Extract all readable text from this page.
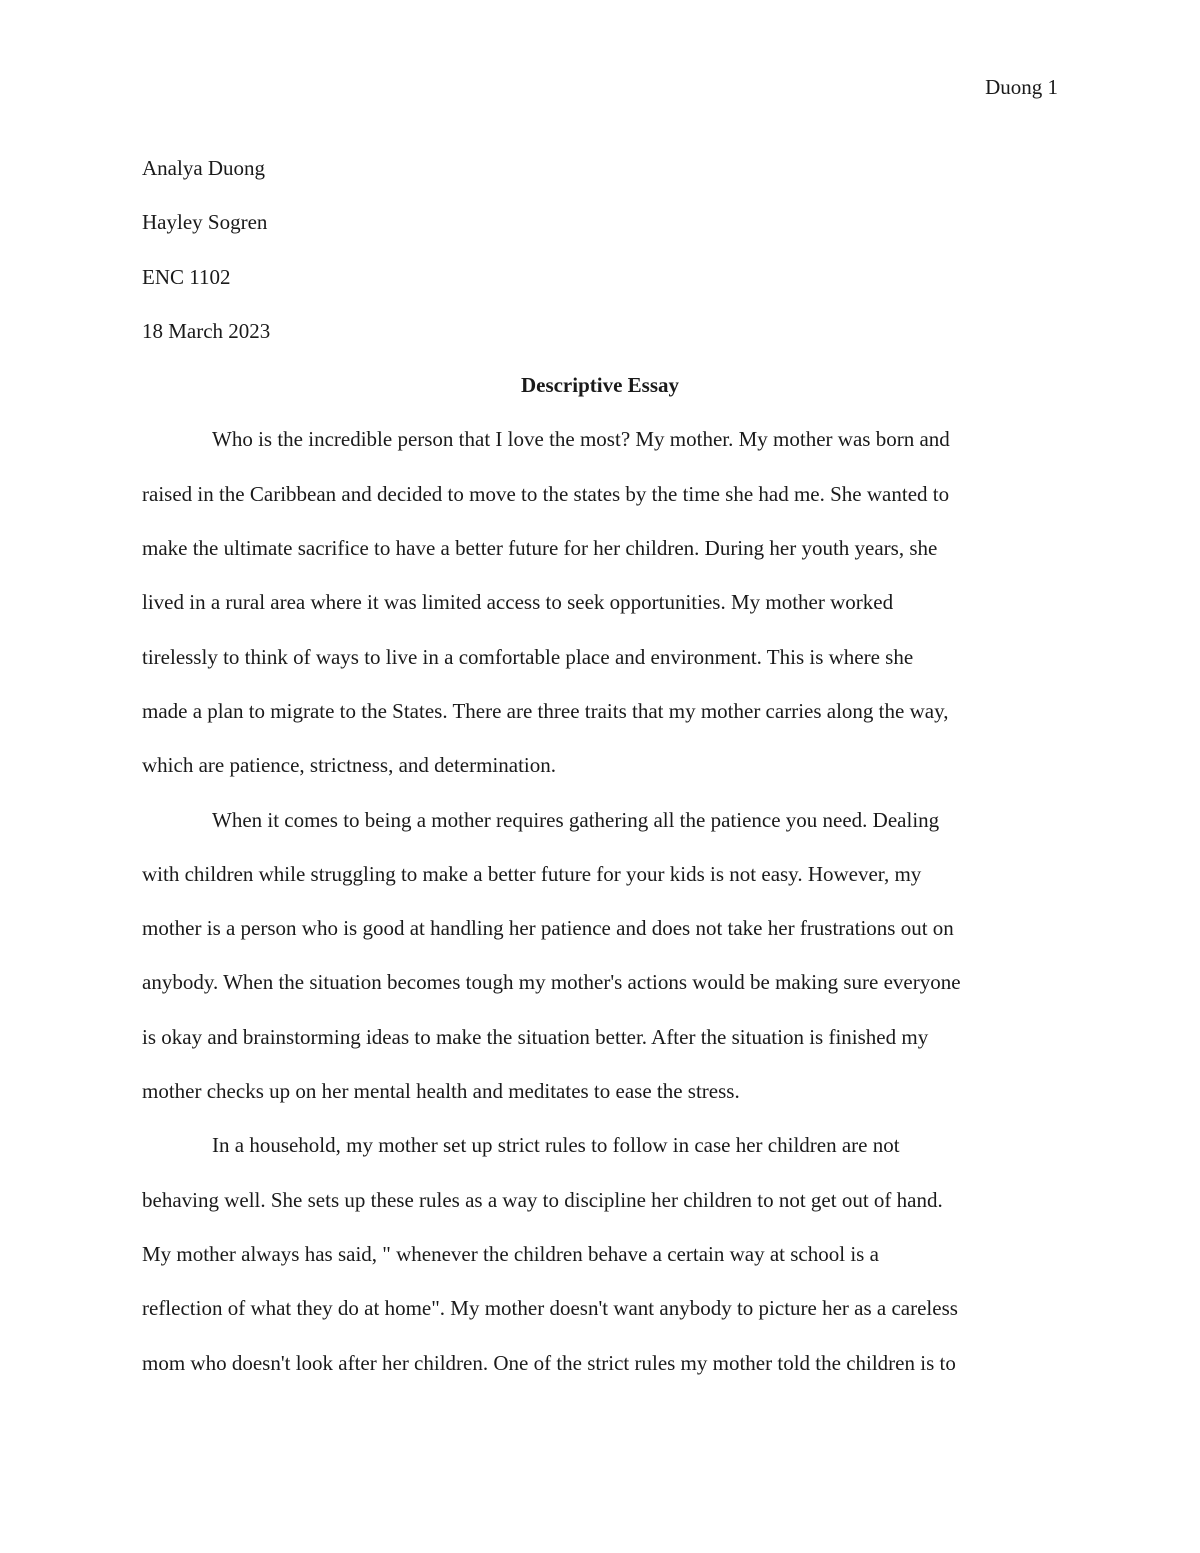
Duong 1
Analya Duong
Hayley Sogren
ENC 1102
18 March 2023
Descriptive Essay
Who is the incredible person that I love the most? My mother. My mother was born and
raised in the Caribbean and decided to move to the states by the time she had me. She wanted to
make the ultimate sacrifice to have a better future for her children. During her youth years, she
lived in a rural area where it was limited access to seek opportunities. My mother worked
tirelessly to think of ways to live in a comfortable place and environment. This is where she
made a plan to migrate to the States. There are three traits that my mother carries along the way,
which are patience, strictness, and determination.
When it comes to being a mother requires gathering all the patience you need. Dealing
with children while struggling to make a better future for your kids is not easy. However, my
mother is a person who is good at handling her patience and does not take her frustrations out on
anybody. When the situation becomes tough my mother's actions would be making sure everyone
is okay and brainstorming ideas to make the situation better. After the situation is finished my
mother checks up on her mental health and meditates to ease the stress.
In a household, my mother set up strict rules to follow in case her children are not
behaving well. She sets up these rules as a way to discipline her children to not get out of hand.
My mother always has said, " whenever the children behave a certain way at school is a
reflection of what they do at home". My mother doesn't want anybody to picture her as a careless
mom who doesn't look after her children. One of the strict rules my mother told the children is to
